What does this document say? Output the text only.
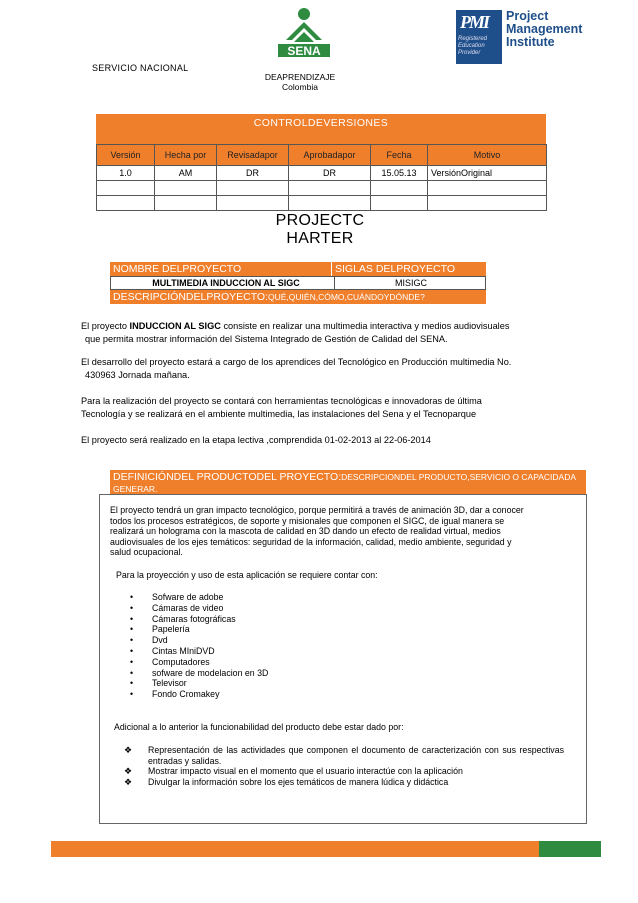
SENA
PMI
Registered Education Provider
Project
Management
Institute
SERVICIO NACIONAL
DEAPRENDIZAJE
Colombia
CONTROLDEVERSIONES
Versión	Hecha por	Revisadapor	Aprobadapor	Fecha	Motivo
1.0	AM	DR	DR	15.05.13	VersiónOriginal

PROJECTCHARTER
NOMBRE DELPROYECTO	SIGLAS DELPROYECTO
MULTIMEDIA INDUCCION AL SIGC	MISIGC
DESCRIPCIÓNDELPROYECTO:QUÉ,QUIÉN,CÓMO,CUÁNDOYDÓNDE?
El proyecto INDUCCION AL SIGC consiste en realizar una multimedia interactiva y medios audiovisuales
que permita mostrar información del Sistema Integrado de Gestión de Calidad del SENA.
El desarrollo del proyecto estará a cargo de los aprendices del Tecnológico en Producción multimedia No.
430963 Jornada mañana.
Para la realización del proyecto se contará con herramientas tecnológicas e innovadoras de última
Tecnología y se realizará en el ambiente multimedia, las instalaciones del Sena y el Tecnoparque
El proyecto será realizado en la etapa lectiva ,comprendida 01-02-2013 al 22-06-2014
DEFINICIÓNDEL PRODUCTODEL PROYECTO:DESCRIPCIONDEL PRODUCTO,SERVICIO O CAPACIDADA GENERAR.
El proyecto tendrá un gran impacto tecnológico, porque permitirá a través de animación 3D, dar a conocer
todos los procesos estratégicos, de soporte y misionales que componen el SIGC, de igual manera se
realizará un holograma con la mascota de calidad en 3D dando un efecto de realidad virtual, medios
audiovisuales de los ejes temáticos: seguridad de la información, calidad, medio ambiente, seguridad y
salud ocupacional.
Para la proyección y uso de esta aplicación se requiere contar con:
• Sofware de adobe
• Cámaras de video
• Cámaras fotográficas
• Papelería
• Dvd
• Cintas MIniDVD
• Computadores
• sofware de modelacion en 3D
• Televisor
• Fondo Cromakey
Adicional a lo anterior la funcionabilidad del producto debe estar dado por:
❖ Representación de las actividades que componen el documento de caracterización con sus respectivas entradas y salidas.
❖ Mostrar impacto visual en el momento que el usuario interactúe con la aplicación
❖ Divulgar la información sobre los ejes temáticos de manera lúdica y didáctica
